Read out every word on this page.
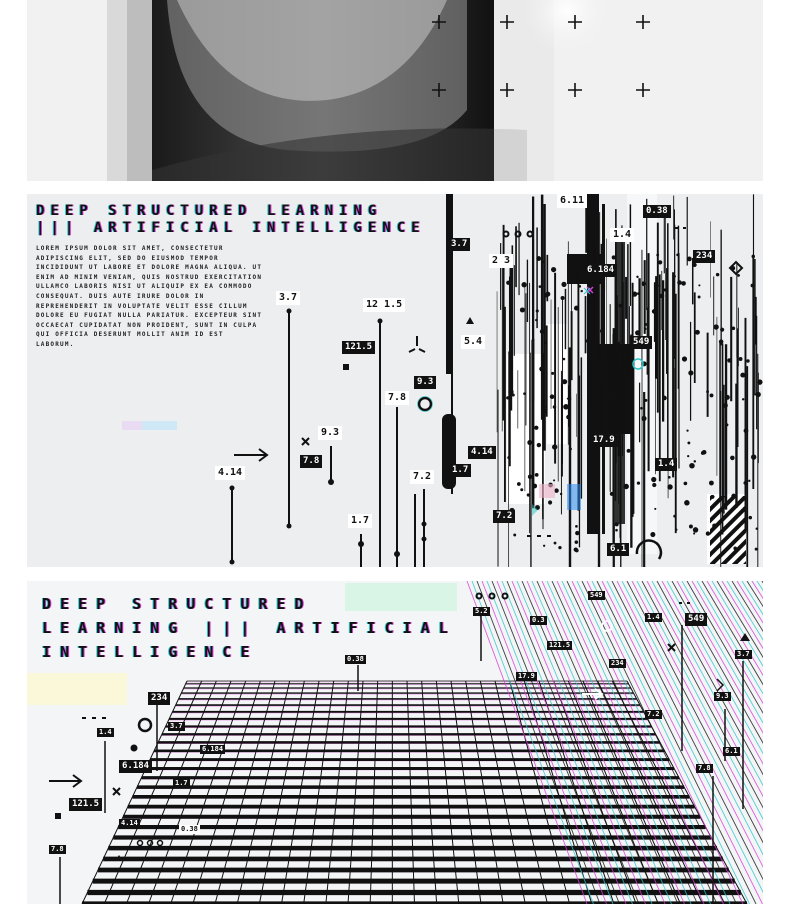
DEEP STRUCTURED LEARNING
||| ARTIFICIAL INTELLIGENCE
LOREM IPSUM DOLOR SIT AMET, CONSECTETUR ADIPISCING ELIT, SED DO EIUSMOD TEMPOR INCIDIDUNT UT LABORE ET DOLORE MAGNA ALIQUA. UT ENIM AD MINIM VENIAM, QUIS NOSTRUD EXERCITATION ULLAMCO LABORIS NISI UT ALIQUIP EX EA COMMODO CONSEQUAT. DUIS AUTE IRURE DOLOR IN REPREHENDERIT IN VOLUPTATE VELIT ESSE CILLUM DOLORE EU FUGIAT NULLA PARIATUR. EXCEPTEUR SINT OCCAECAT CUPIDATAT NON PROIDENT, SUNT IN CULPA QUI OFFICIA DESERUNT MOLLIT ANIM ID EST LABORUM.
3.7
12 1.5
121.5
9.3
7.8
9.3
7.8
4.14	7.2
1.7
3.7
5.4
2 3
4.14
1.7
7.2
6.11
0.38
1.4
6.184
234
549
17.9
1.4
6.1
DEEP STRUCTURED
LEARNING ||| ARTIFICIAL
INTELLIGENCE	0.38
5.2
549
0.3
121.5
234
1.4	549
3.7
17.9
234
3.7
6.184
1.4
6.184
1.7
121.5
4.14
0.38
7.8
7.2
9.3
6.1
7.8
